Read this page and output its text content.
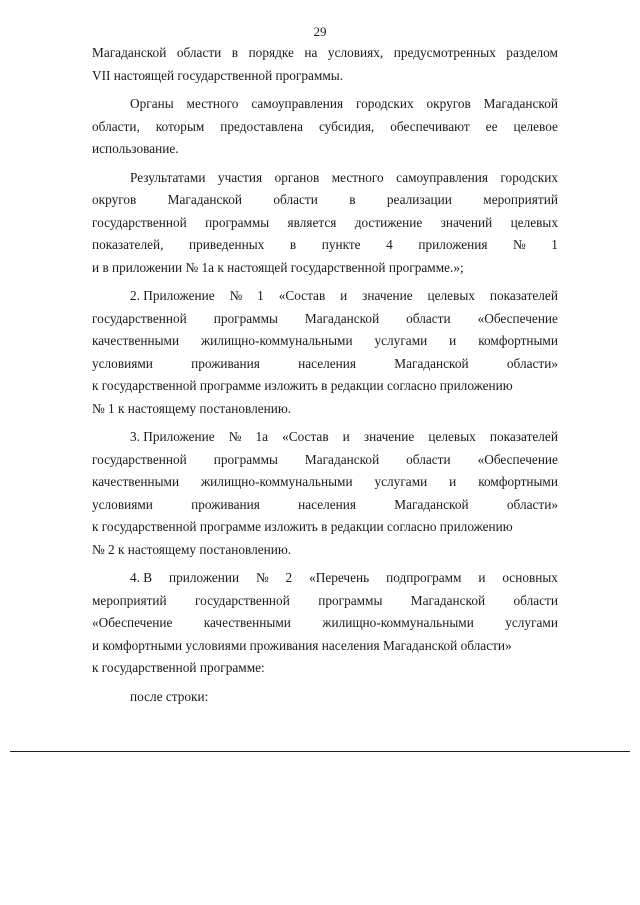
29
Магаданской области в порядке на условиях, предусмотренных разделом
VII настоящей государственной программы.
Органы местного самоуправления городских округов Магаданской
области, которым предоставлена субсидия, обеспечивают ее целевое
использование.
Результатами участия органов местного самоуправления городских
округов Магаданской области в реализации мероприятий
государственной программы является достижение значений целевых
показателей, приведенных в пункте 4 приложения № 1
и в приложении № 1а к настоящей государственной программе.»;
2. Приложение № 1 «Состав и значение целевых показателей
государственной программы Магаданской области «Обеспечение
качественными жилищно-коммунальными услугами и комфортными
условиями	проживания	населения	Магаданской	области»
к государственной программе изложить в редакции согласно приложению
№ 1 к настоящему постановлению.
3. Приложение № 1а «Состав и значение целевых показателей
государственной программы Магаданской области «Обеспечение
качественными жилищно-коммунальными услугами и комфортными
условиями	проживания	населения	Магаданской	области»
к государственной программе изложить в редакции согласно приложению
№ 2 к настоящему постановлению.
4. В приложении № 2 «Перечень подпрограмм и основных
мероприятий государственной программы Магаданской области
«Обеспечение качественными жилищно-коммунальными услугами
и комфортными условиями проживания населения Магаданской области»
к государственной программе:
после строки:
